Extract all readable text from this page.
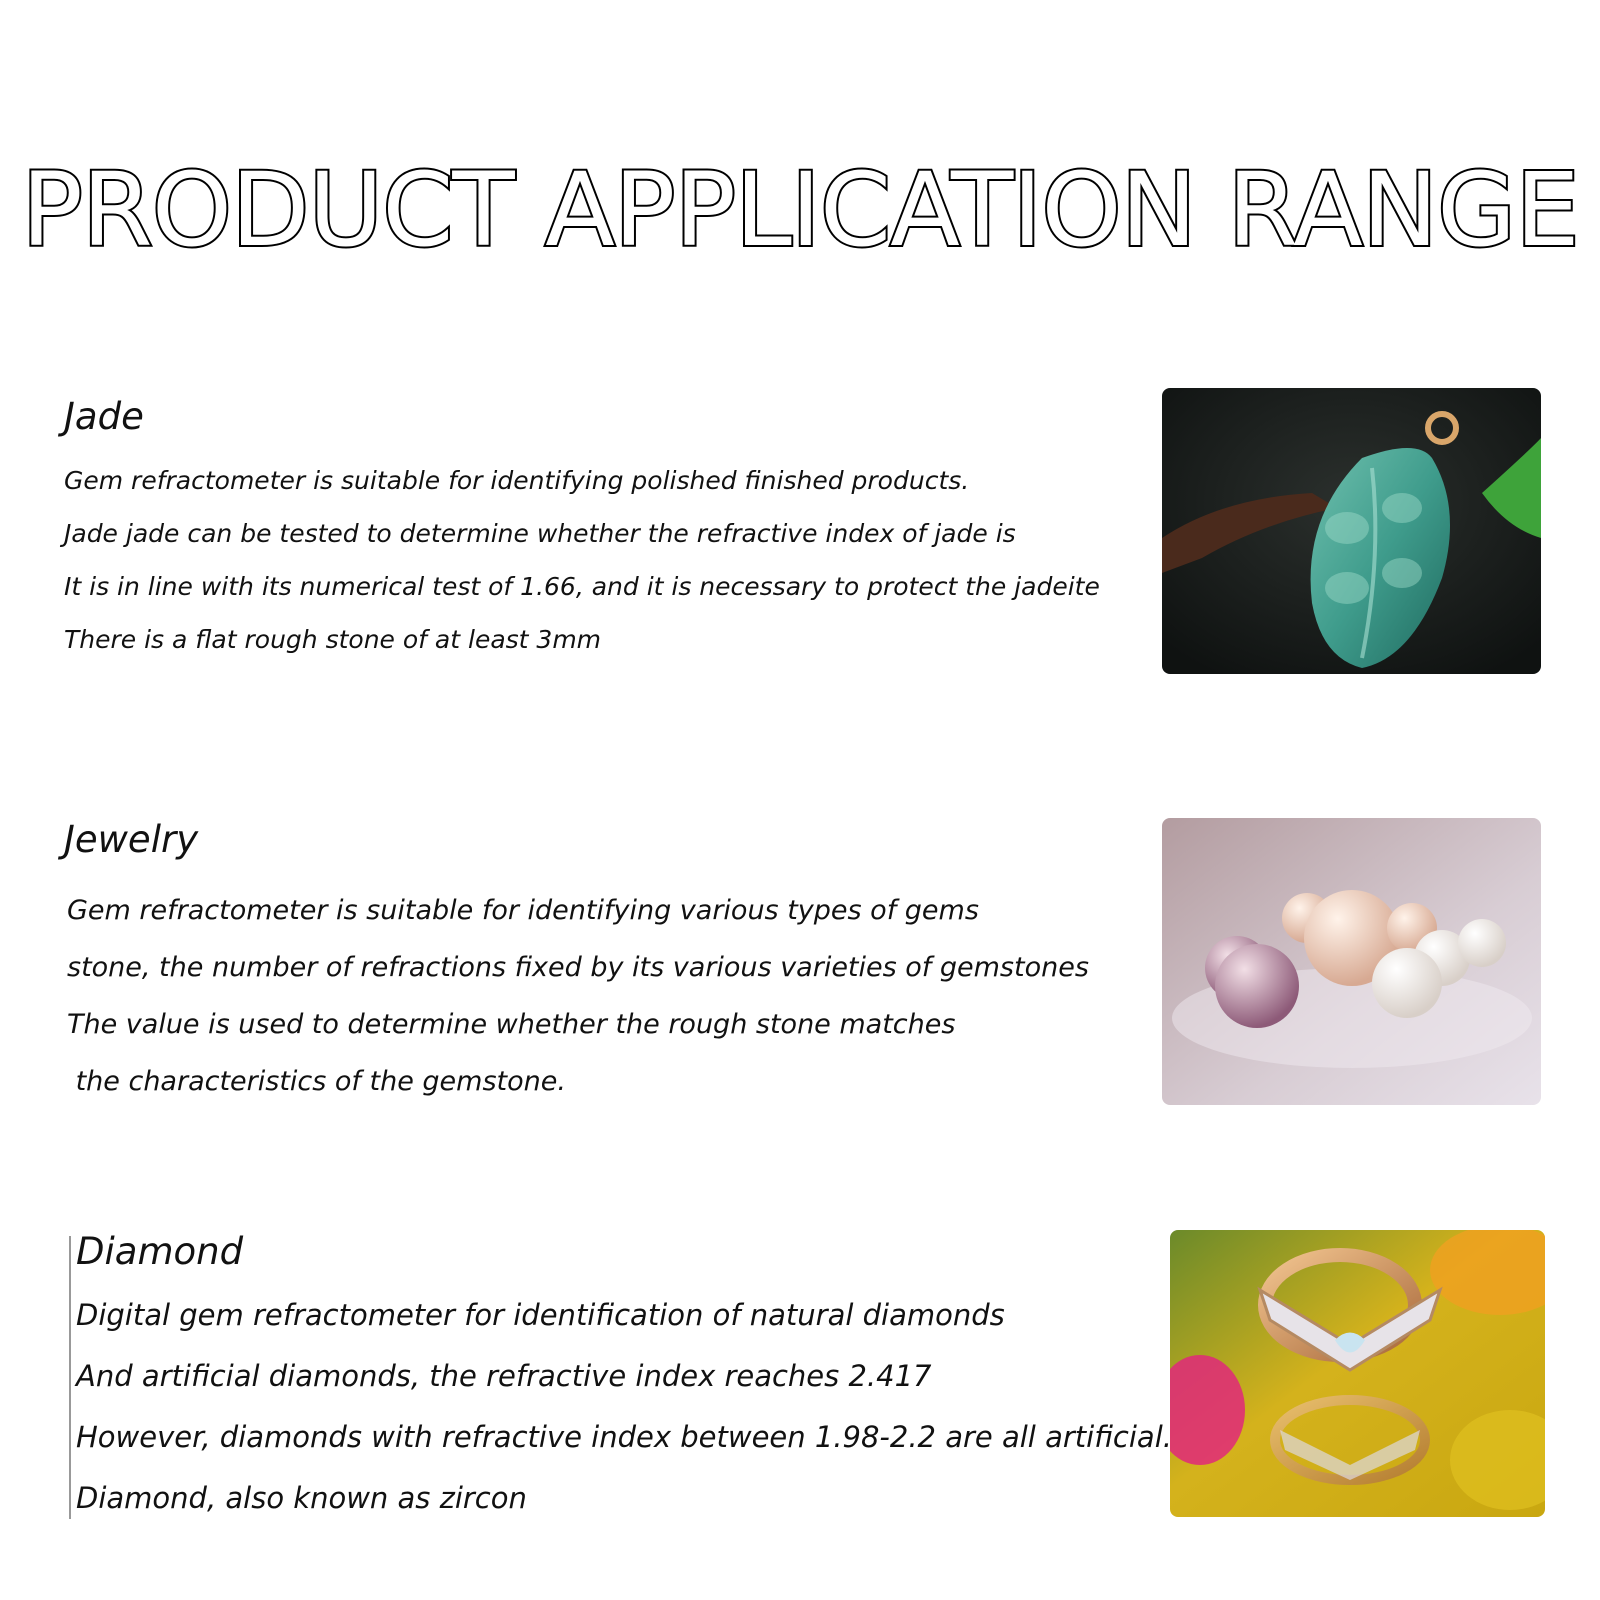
PRODUCT APPLICATION RANGE
Jade
Gem refractometer is suitable for identifying polished finished products.
Jade jade can be tested to determine whether the refractive index of jade is
It is in line with its numerical test of 1.66, and it is necessary to protect the jadeite
There is a flat rough stone of at least 3mm
Jewelry
Gem refractometer is suitable for identifying various types of gems
stone, the number of refractions fixed by its various varieties of gemstones
The value is used to determine whether the rough stone matches
the characteristics of the gemstone.
Diamond
Digital gem refractometer for identification of natural diamonds
And artificial diamonds, the refractive index reaches 2.417
However, diamonds with refractive index between 1.98-2.2 are all artificial.
Diamond, also known as zircon
